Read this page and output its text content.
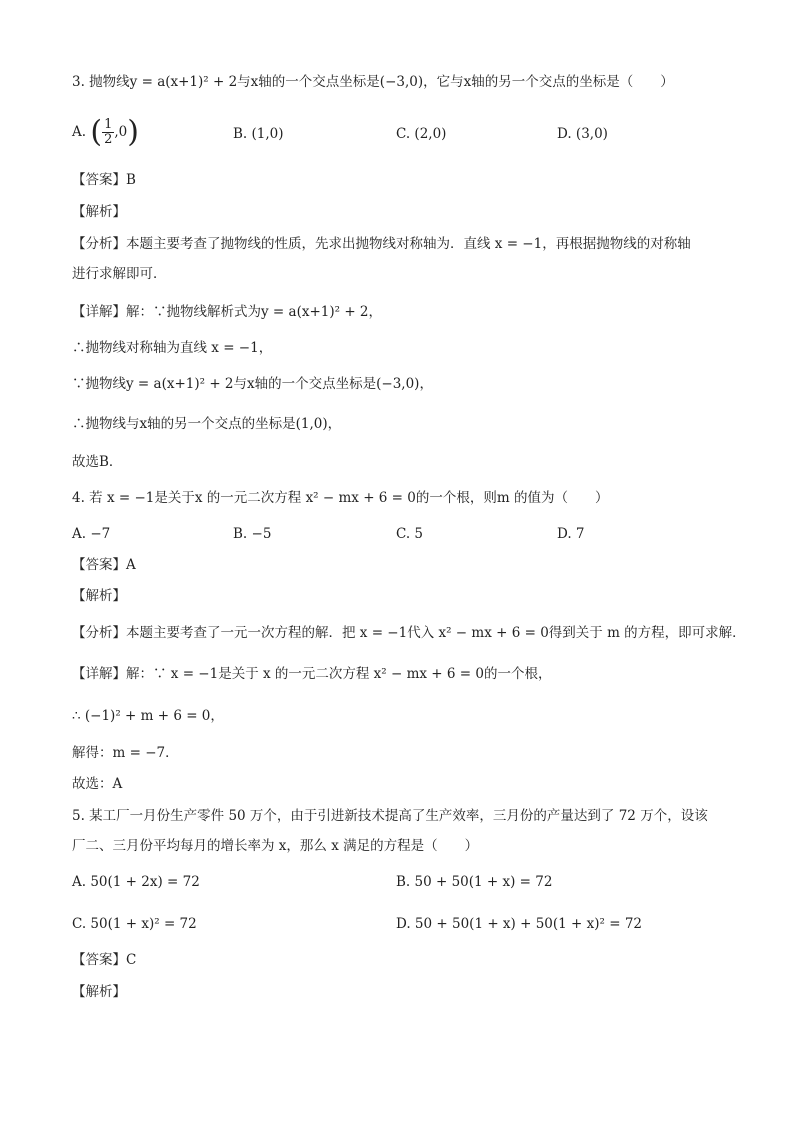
3. 抛物线y = a(x+1)² + 2与x轴的一个交点坐标是(−3,0)，它与x轴的另一个交点的坐标是（　　）
A. ( $\frac{1}{2} ,0$)	B. (1,0)	C. (2,0)	D. (3,0)
【答案】B
【解析】
【分析】本题主要考查了抛物线的性质，先求出抛物线对称轴为．直线 x = −1，再根据抛物线的对称轴
进行求解即可．
【详解】解：∵抛物线解析式为y = a(x+1)² + 2，
∴抛物线对称轴为直线 x = −1，
∵抛物线y = a(x+1)² + 2与x轴的一个交点坐标是(−3,0)，
∴抛物线与x轴的另一个交点的坐标是(1,0)，
故选B．
4. 若 x = −1是关于x 的一元二次方程 x² − mx + 6 = 0的一个根，则m 的值为（　　）
A. −7	B. −5	C. 5	D. 7
【答案】A
【解析】
【分析】本题主要考查了一元一次方程的解．把 x = −1代入 x² − mx + 6 = 0得到关于 m 的方程，即可求解．
【详解】解：∵ x = −1是关于 x 的一元二次方程 x² − mx + 6 = 0的一个根，
∴ (−1)² + m + 6 = 0，
解得：m = −7．
故选：A
5. 某工厂一月份生产零件 50 万个，由于引进新技术提高了生产效率，三月份的产量达到了 72 万个，设该
厂二、三月份平均每月的增长率为 x，那么 x 满足的方程是（　　）
A. 50(1 + 2x) = 72	B. 50 + 50(1 + x) = 72
C. 50(1 + x)² = 72	D. 50 + 50(1 + x) + 50(1 + x)² = 72
【答案】C
【解析】
